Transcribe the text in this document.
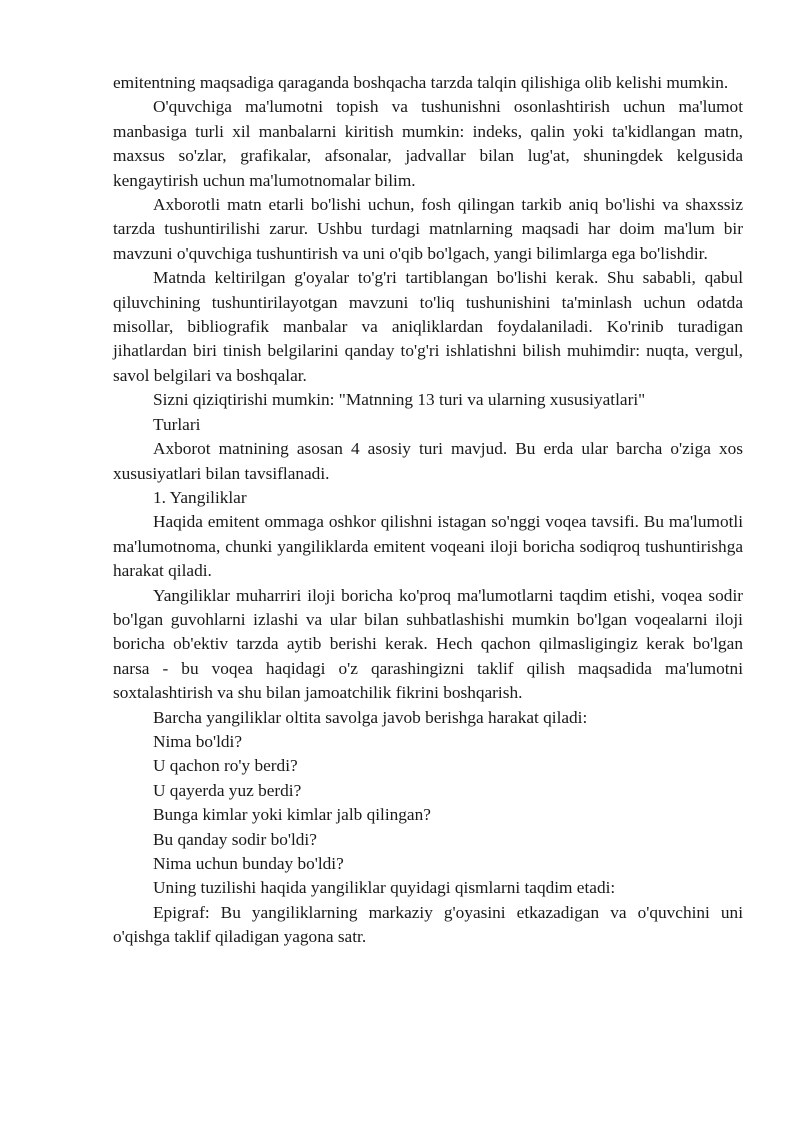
emitentning maqsadiga qaraganda boshqacha tarzda talqin qilishiga olib kelishi mumkin.

O'quvchiga ma'lumotni topish va tushunishni osonlashtirish uchun ma'lumot manbasiga turli xil manbalarni kiritish mumkin: indeks, qalin yoki ta'kidlangan matn, maxsus so'zlar, grafikalar, afsonalar, jadvallar bilan lug'at, shuningdek kelgusida kengaytirish uchun ma'lumotnomalar bilim.

Axborotli matn etarli bo'lishi uchun, fosh qilingan tarkib aniq bo'lishi va shaxssiz tarzda tushuntirilishi zarur. Ushbu turdagi matnlarning maqsadi har doim ma'lum bir mavzuni o'quvchiga tushuntirish va uni o'qib bo'lgach, yangi bilimlarga ega bo'lishdir.

Matnda keltirilgan g'oyalar to'g'ri tartiblangan bo'lishi kerak. Shu sababli, qabul qiluvchining tushuntirilayotgan mavzuni to'liq tushunishini ta'minlash uchun odatda misollar, bibliografik manbalar va aniqliklardan foydalaniladi. Ko'rinib turadigan jihatlardan biri tinish belgilarini qanday to'g'ri ishlatishni bilish muhimdir: nuqta, vergul, savol belgilari va boshqalar.

Sizni qiziqtirishi mumkin: "Matnning 13 turi va ularning xususiyatlari"

Turlari

Axborot matnining asosan 4 asosiy turi mavjud. Bu erda ular barcha o'ziga xos xususiyatlari bilan tavsiflanadi.

1. Yangiliklar

Haqida emitent ommaga oshkor qilishni istagan so'nggi voqea tavsifi. Bu ma'lumotli ma'lumotnoma, chunki yangiliklarda emitent voqeani iloji boricha sodiqroq tushuntirishga harakat qiladi.

Yangiliklar muharriri iloji boricha ko'proq ma'lumotlarni taqdim etishi, voqea sodir bo'lgan guvohlarni izlashi va ular bilan suhbatlashishi mumkin bo'lgan voqealarni iloji boricha ob'ektiv tarzda aytib berishi kerak. Hech qachon qilmasligingiz kerak bo'lgan narsa - bu voqea haqidagi o'z qarashingizni taklif qilish maqsadida ma'lumotni soxtalashtirish va shu bilan jamoatchilik fikrini boshqarish.

Barcha yangiliklar oltita savolga javob berishga harakat qiladi:

Nima bo'ldi?

U qachon ro'y berdi?

U qayerda yuz berdi?

Bunga kimlar yoki kimlar jalb qilingan?

Bu qanday sodir bo'ldi?

Nima uchun bunday bo'ldi?

Uning tuzilishi haqida yangiliklar quyidagi qismlarni taqdim etadi:

Epigraf: Bu yangiliklarning markaziy g'oyasini etkazadigan va o'quvchini uni o'qishga taklif qiladigan yagona satr.
